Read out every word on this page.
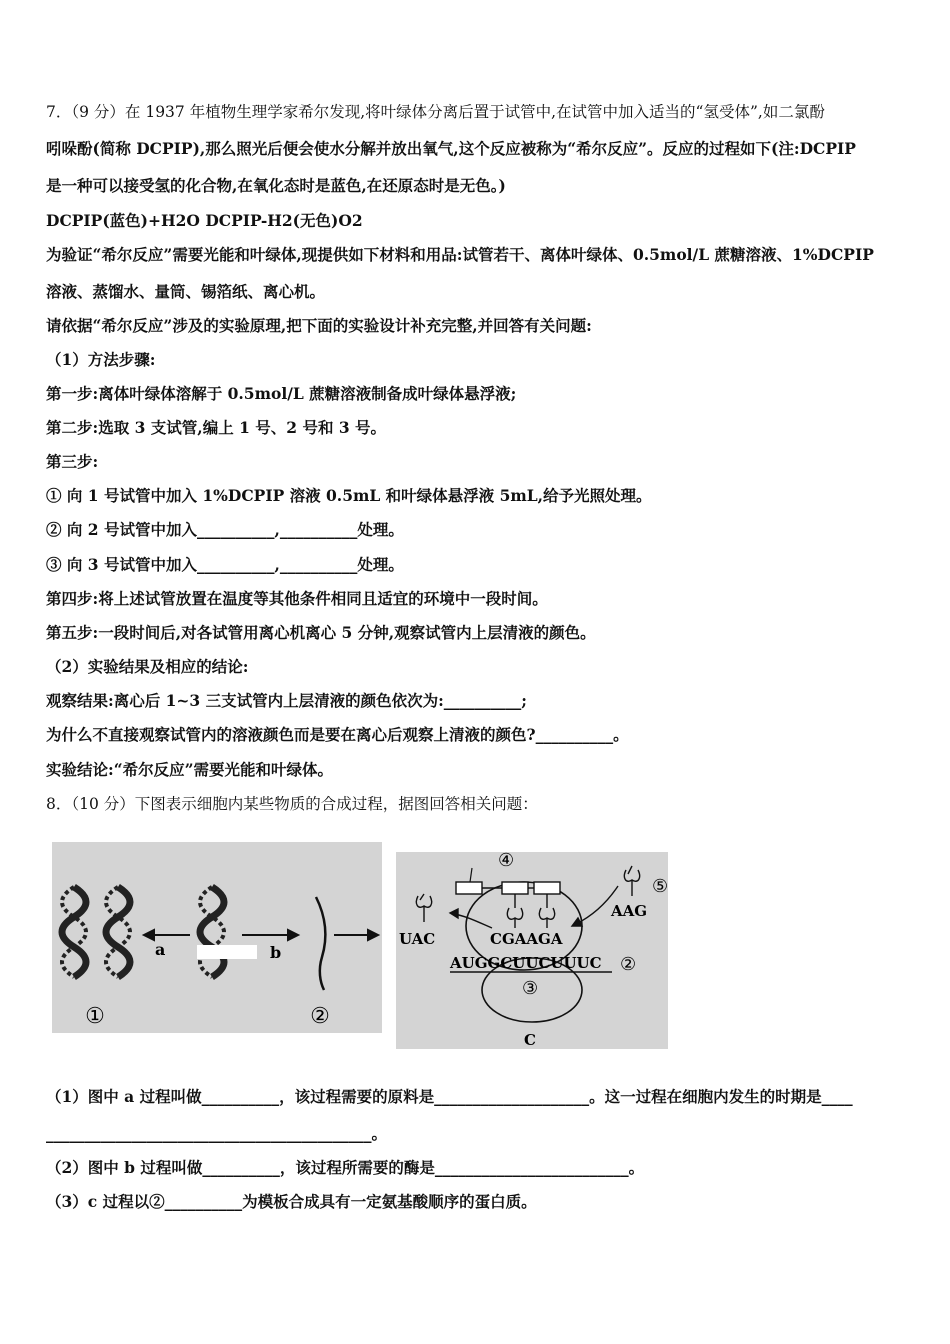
7．（9 分）在 1937 年植物生理学家希尔发现,将叶绿体分离后置于试管中,在试管中加入适当的“氢受体”,如二氯酚
吲哚酚(简称 DCPIP),那么照光后便会使水分解并放出氧气,这个反应被称为“希尔反应”。反应的过程如下(注:DCPIP
是一种可以接受氢的化合物,在氧化态时是蓝色,在还原态时是无色。)
DCPIP(蓝色)+H2O DCPIP-H2(无色)O2
为验证“希尔反应”需要光能和叶绿体,现提供如下材料和用品:试管若干、离体叶绿体、0.5mol/L 蔗糖溶液、1%DCPIP
溶液、蒸馏水、量筒、锡箔纸、离心机。
请依据“希尔反应”涉及的实验原理,把下面的实验设计补充完整,并回答有关问题:
（1）方法步骤:
第一步:离体叶绿体溶解于 0.5mol/L 蔗糖溶液制备成叶绿体悬浮液;
第二步:选取 3 支试管,编上 1 号、2 号和 3 号。
第三步:
① 向 1 号试管中加入 1%DCPIP 溶液 0.5mL 和叶绿体悬浮液 5mL,给予光照处理。
② 向 2 号试管中加入__________,__________处理。
③ 向 3 号试管中加入__________,__________处理。
第四步:将上述试管放置在温度等其他条件相同且适宜的环境中一段时间。
第五步:一段时间后,对各试管用离心机离心 5 分钟,观察试管内上层清液的颜色。
（2）实验结果及相应的结论:
观察结果:离心后 1~3 三支试管内上层清液的颜色依次为:__________;
为什么不直接观察试管内的溶液颜色而是要在离心后观察上清液的颜色?__________。
实验结论:“希尔反应”需要光能和叶绿体。
8．（10 分）下图表示细胞内某些物质的合成过程，据图回答相关问题：
a	b
①	②
④
UAC
⑤
AAG
CGAAGA
AUGGCUUCUUUC ②
③
C
（1）图中 a 过程叫做__________，该过程需要的原料是____________________。这一过程在细胞内发生的时期是____
__________________________________________。
（2）图中 b 过程叫做__________，该过程所需要的酶是_________________________。
（3）c 过程以②__________为模板合成具有一定氨基酸顺序的蛋白质。
